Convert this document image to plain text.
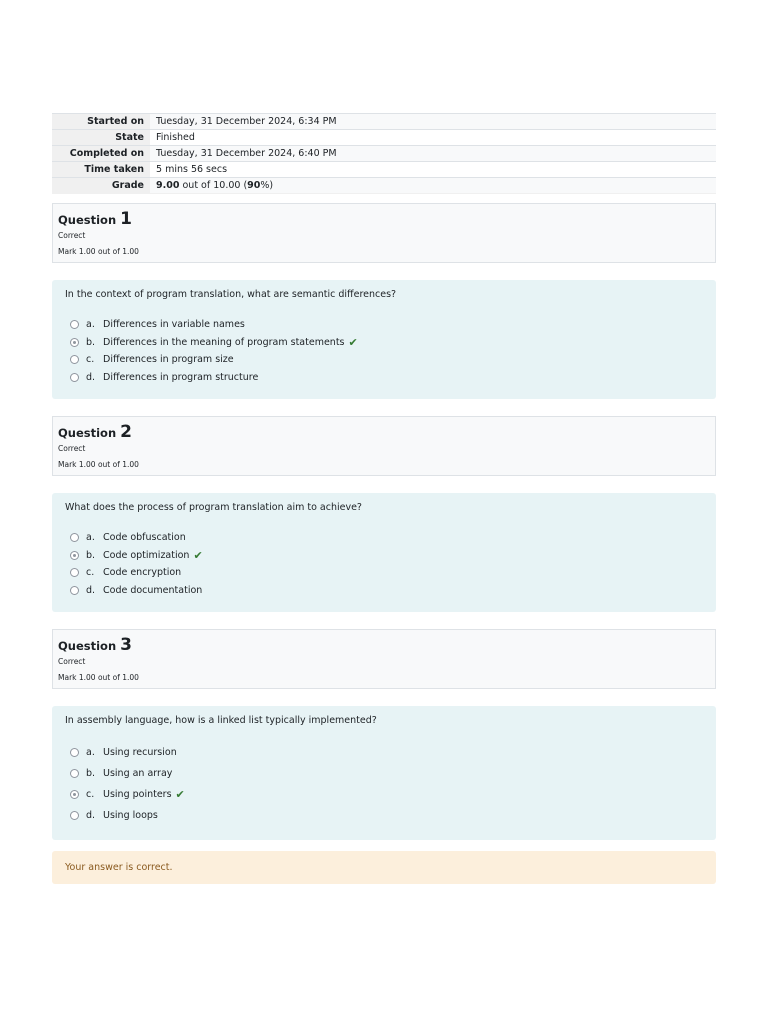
Started on	Tuesday, 31 December 2024, 6:34 PM
State	Finished
Completed on	Tuesday, 31 December 2024, 6:40 PM
Time taken	5 mins 56 secs
Grade	9.00 out of 10.00 (90%)
Question 1
Correct
Mark 1.00 out of 1.00
In the context of program translation, what are semantic differences?
a. Differences in variable names
b. Differences in the meaning of program statements ✔
c. Differences in program size
d. Differences in program structure
Question 2
Correct
Mark 1.00 out of 1.00
What does the process of program translation aim to achieve?
a. Code obfuscation
b. Code optimization ✔
c. Code encryption
d. Code documentation
Question 3
Correct
Mark 1.00 out of 1.00
In assembly language, how is a linked list typically implemented?
a. Using recursion
b. Using an array
c. Using pointers ✔
d. Using loops
Your answer is correct.
